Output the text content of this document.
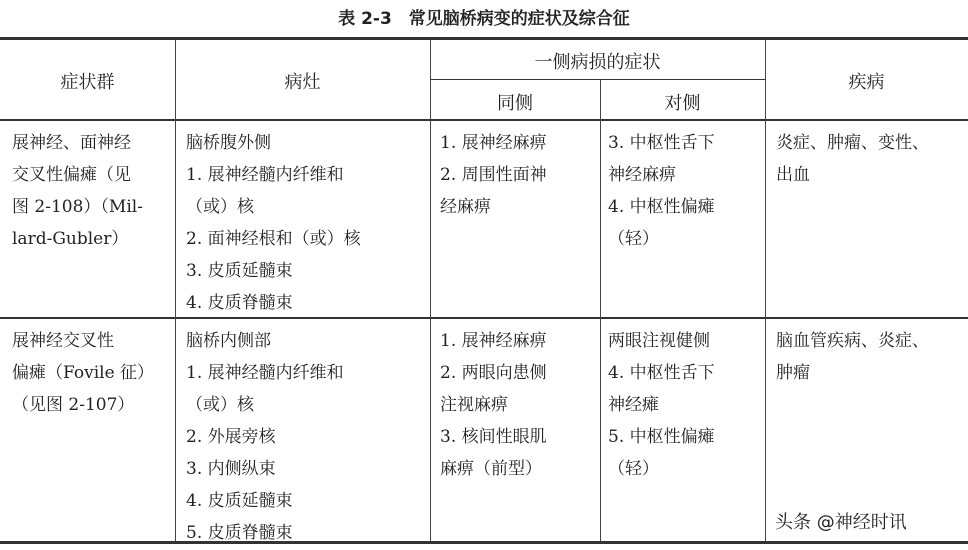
表 2-3　常见脑桥病变的症状及综合征
症状群	病灶
一侧病损的症状
同侧	对侧
疾病
展神经、面神经
交叉性偏瘫（见
图 2-108）（Mil-
lard-Gubler）
脑桥腹外侧
1. 展神经髓内纤维和
（或）核
2. 面神经根和（或）核
3. 皮质延髓束
4. 皮质脊髓束
1. 展神经麻痹
2. 周围性面神
经麻痹
3. 中枢性舌下
神经麻痹
4. 中枢性偏瘫
（轻）
炎症、肿瘤、变性、
出血
展神经交叉性
偏瘫（Fovile 征）
（见图 2-107）
脑桥内侧部
1. 展神经髓内纤维和
（或）核
2. 外展旁核
3. 内侧纵束
4. 皮质延髓束
5. 皮质脊髓束
1. 展神经麻痹
2. 两眼向患侧
注视麻痹
3. 核间性眼肌
麻痹（前型）
两眼注视健侧
4. 中枢性舌下
神经瘫
5. 中枢性偏瘫
（轻）
脑血管疾病、炎症、
肿瘤
头条 @神经时讯
